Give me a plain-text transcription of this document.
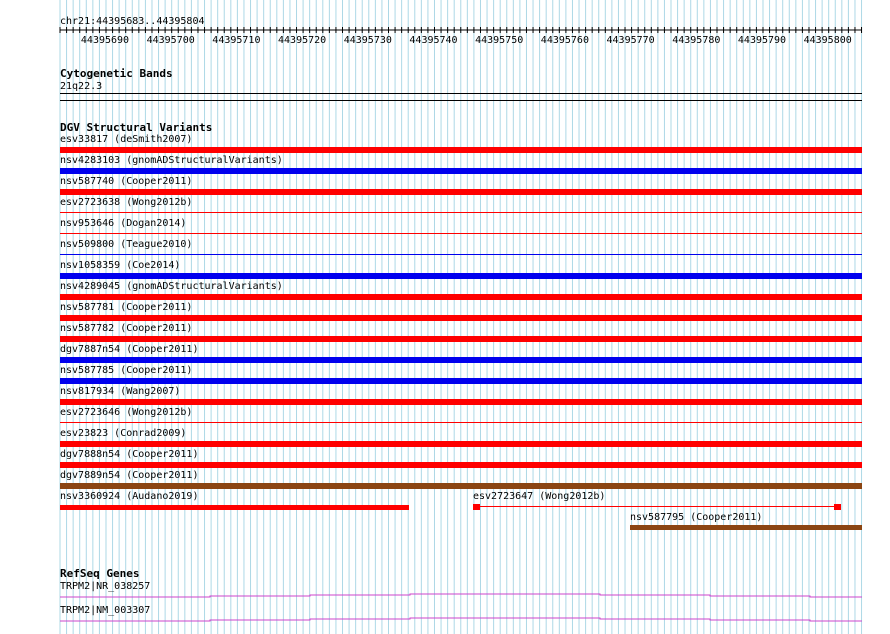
chr21:44395683..44395804
44395690 44395700 44395710 44395720 44395730 44395740 44395750 44395760 44395770 44395780 44395790 44395800
Cytogenetic Bands
21q22.3
DGV Structural Variants
esv33817 (deSmith2007)
nsv4283103 (gnomADStructuralVariants)
nsv587740 (Cooper2011)
esv2723638 (Wong2012b)
nsv953646 (Dogan2014)
nsv509800 (Teague2010)
nsv1058359 (Coe2014)
nsv4289045 (gnomADStructuralVariants)
nsv587781 (Cooper2011)
nsv587782 (Cooper2011)
dgv7887n54 (Cooper2011)
nsv587785 (Cooper2011)
nsv817934 (Wang2007)
esv2723646 (Wong2012b)
esv23823 (Conrad2009)
dgv7888n54 (Cooper2011)
dgv7889n54 (Cooper2011)
nsv3360924 (Audano2019)	esv2723647 (Wong2012b)
nsv587795 (Cooper2011)
RefSeq Genes
TRPM2|NR_038257
TRPM2|NM_003307
